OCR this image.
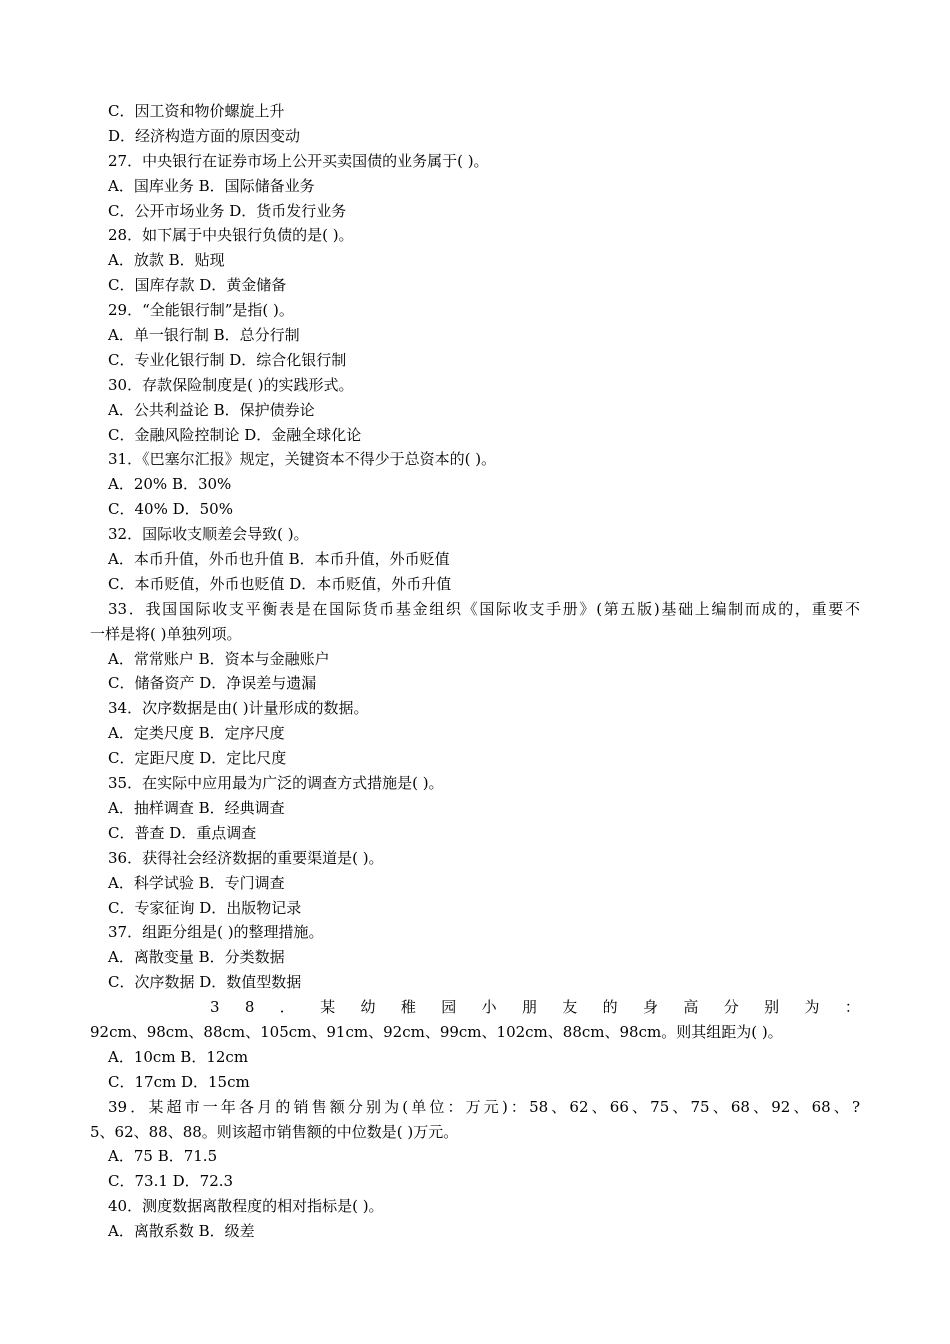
C．因工资和物价螺旋上升
D．经济构造方面的原因变动
27．中央银行在证券市场上公开买卖国债的业务属于( )。
A．国库业务 B．国际储备业务
C．公开市场业务 D．货币发行业务
28．如下属于中央银行负债的是( )。
A．放款 B．贴现
C．国库存款 D．黄金储备
29．“全能银行制”是指( )。
A．单一银行制 B．总分行制
C．专业化银行制 D．综合化银行制
30．存款保险制度是( )的实践形式。
A．公共利益论 B．保护债券论
C．金融风险控制论 D．金融全球化论
31．《巴塞尔汇报》规定，关键资本不得少于总资本的( )。
A．20% B．30%
C．40% D．50%
32．国际收支顺差会导致( )。
A．本币升值，外币也升值 B．本币升值，外币贬值
C．本币贬值，外币也贬值 D．本币贬值，外币升值
33．我国国际收支平衡表是在国际货币基金组织《国际收支手册》(第五版)基础上编制而成的，重要不
一样是将( )单独列项。
A．常常账户 B．资本与金融账户
C．储备资产 D．净误差与遗漏
34．次序数据是由( )计量形成的数据。
A．定类尺度 B．定序尺度
C．定距尺度 D．定比尺度
35．在实际中应用最为广泛的调查方式措施是( )。
A．抽样调查 B．经典调查
C．普查 D．重点调查
36．获得社会经济数据的重要渠道是( )。
A．科学试验 B．专门调查
C．专家征询 D．出版物记录
37．组距分组是( )的整理措施。
A．离散变量 B．分类数据
C．次序数据 D．数值型数据
3 8 ． 某 幼 稚 园 小 朋 友 的 身 高 分 别 为 ：
92cm、98cm、88cm、105cm、91cm、92cm、99cm、102cm、88cm、98cm。则其组距为( )。
A．10cm B．12cm
C．17cm D．15cm
39．某超市一年各月的销售额分别为(单位：万元)：58、62、66、75、75、68、92、68、?
5、62、88、88。则该超市销售额的中位数是( )万元。
A．75 B．71.5
C．73.1 D．72.3
40．测度数据离散程度的相对指标是( )。
A．离散系数 B．级差
